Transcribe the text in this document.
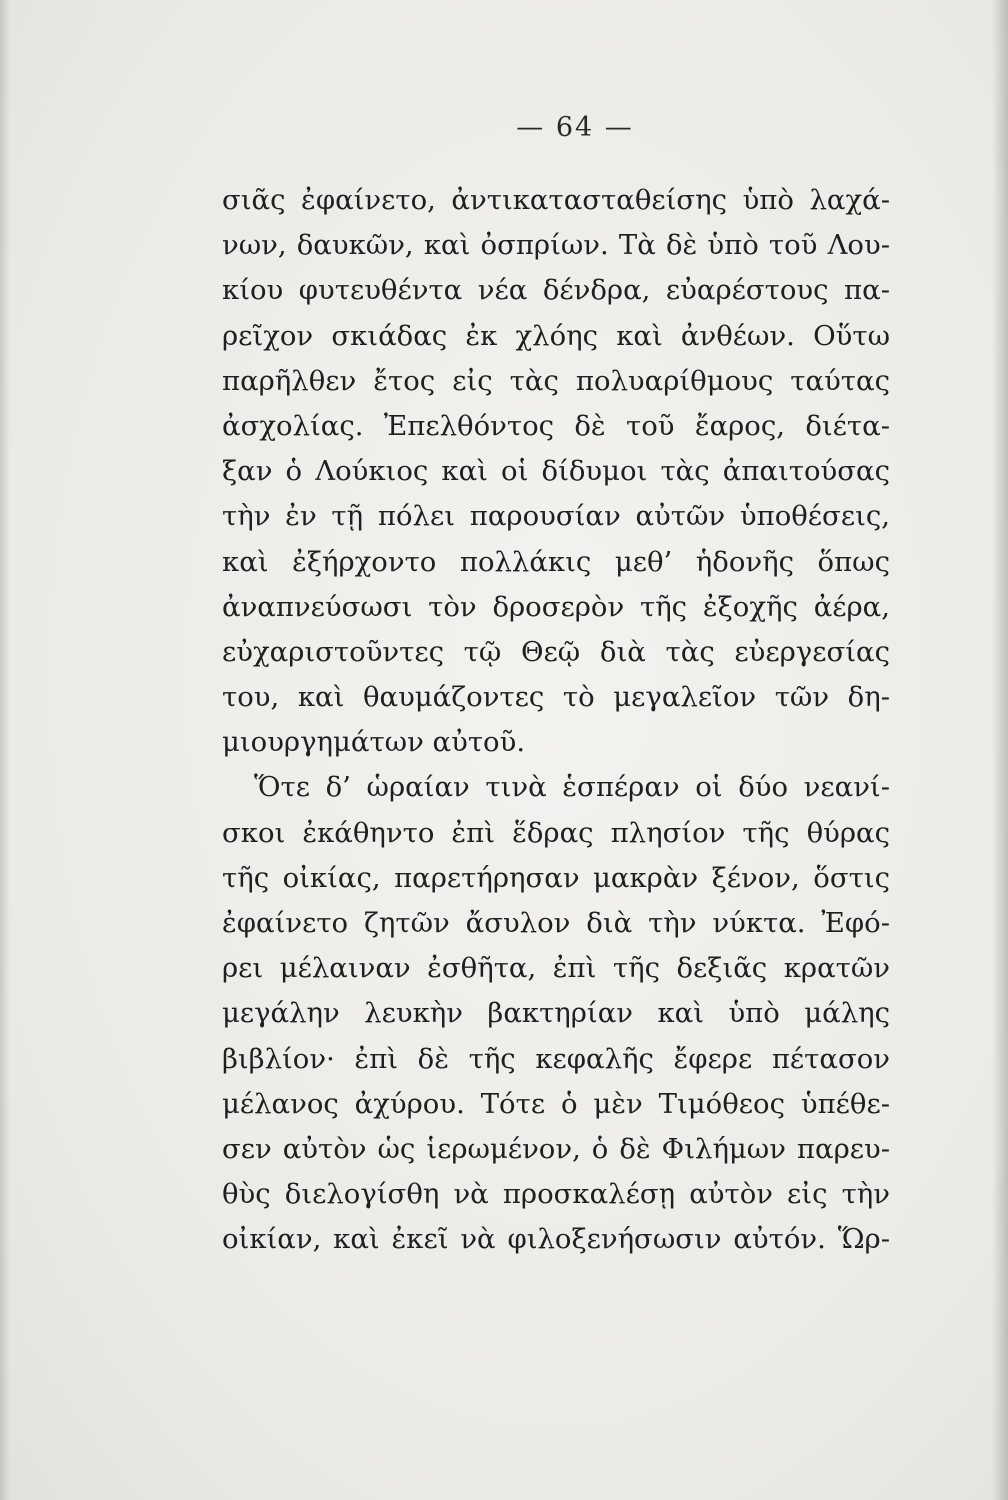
— 64 —
σιᾶς ἐφαίνετο, ἀντικατασταθείσης ὑπὸ λαχά-
νων, δαυκῶν, καὶ ὀσπρίων. Τὰ δὲ ὑπὸ τοῦ Λου-
κίου φυτευθέντα νέα δένδρα, εὐαρέστους πα-
ρεῖχον σκιάδας ἐκ χλόης καὶ ἀνθέων. Οὕτω
παρῆλθεν ἔτος εἰς τὰς πολυαρίθμους ταύτας
ἀσχολίας. Ἐπελθόντος δὲ τοῦ ἔαρος, διέτα-
ξαν ὁ Λούκιος καὶ οἱ δίδυμοι τὰς ἀπαιτούσας
τὴν ἐν τῇ πόλει παρουσίαν αὐτῶν ὑποθέσεις,
καὶ ἐξήρχοντο πολλάκις μεθ’ ἡδονῆς ὅπως
ἀναπνεύσωσι τὸν δροσερὸν τῆς ἐξοχῆς ἀέρα,
εὐχαριστοῦντες τῷ Θεῷ διὰ τὰς εὐεργεσίας
του, καὶ θαυμάζοντες τὸ μεγαλεῖον τῶν δη-
μιουργημάτων αὐτοῦ.
Ὅτε δ’ ὡραίαν τινὰ ἑσπέραν οἱ δύο νεανί-
σκοι ἐκάθηντο ἐπὶ ἕδρας πλησίον τῆς θύρας
τῆς οἰκίας, παρετήρησαν μακρὰν ξένον, ὅστις
ἐφαίνετο ζητῶν ἄσυλον διὰ τὴν νύκτα. Ἐφό-
ρει μέλαιναν ἐσθῆτα, ἐπὶ τῆς δεξιᾶς κρατῶν
μεγάλην λευκὴν βακτηρίαν καὶ ὑπὸ μάλης
βιβλίον· ἐπὶ δὲ τῆς κεφαλῆς ἔφερε πέτασον
μέλανος ἀχύρου. Τότε ὁ μὲν Τιμόθεος ὑπέθε-
σεν αὐτὸν ὡς ἱερωμένον, ὁ δὲ Φιλήμων παρευ-
θὺς διελογίσθη νὰ προσκαλέσῃ αὐτὸν εἰς τὴν
οἰκίαν, καὶ ἐκεῖ νὰ φιλοξενήσωσιν αὐτόν. Ὥρ-
